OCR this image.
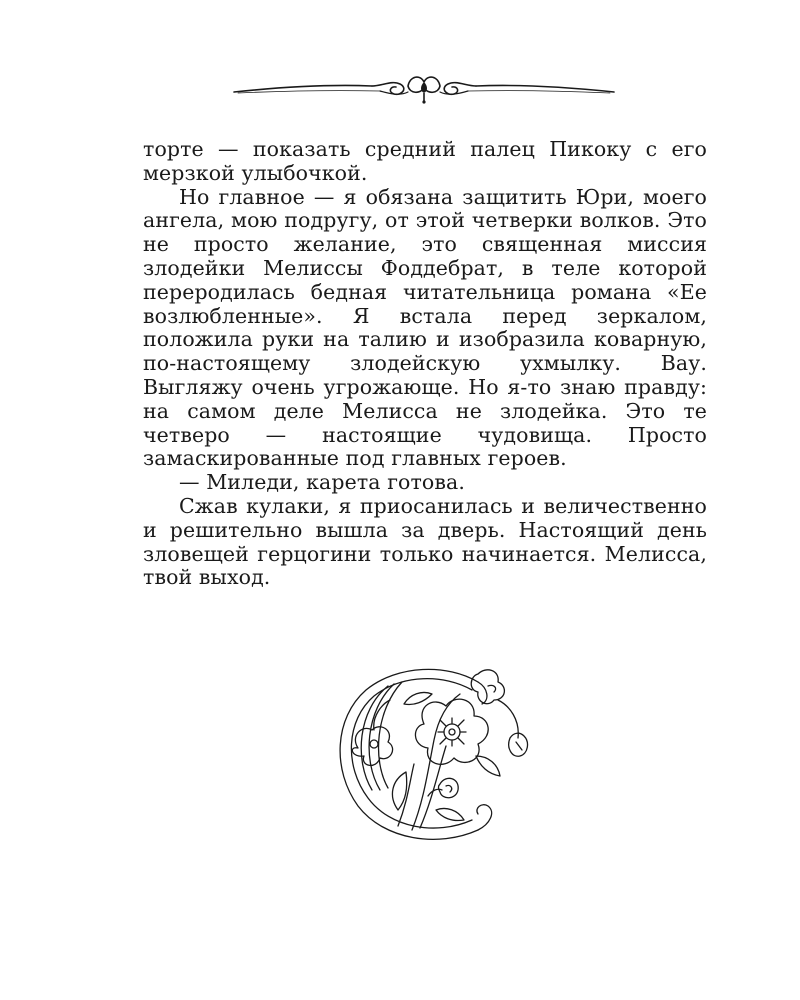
торте — показать средний палец Пикоку с его мерзкой улыбочкой.

Но главное — я обязана защитить Юри, моего ангела, мою подругу, от этой четверки волков. Это не просто желание, это священная миссия злодейки Мелиссы Фоддебрат, в теле которой переродилась бедная читательница романа «Ее возлюбленные». Я встала перед зеркалом, положила руки на талию и изобразила коварную, по-настоящему злодейскую ухмылку. Вау. Выгляжу очень угрожающе. Но я-то знаю правду: на самом деле Мелисса не злодейка. Это те четверо — настоящие чудовища. Просто замаскированные под главных героев.

— Миледи, карета готова.

Сжав кулаки, я приосанилась и величественно и решительно вышла за дверь. Настоящий день зловещей герцогини только начинается. Мелисса, твой выход.
